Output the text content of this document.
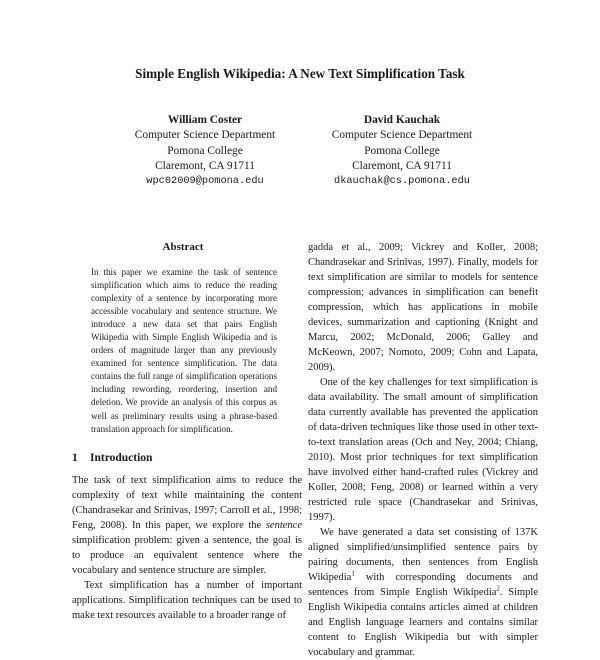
Simple English Wikipedia: A New Text Simplification Task
William Coster
Computer Science Department
Pomona College
Claremont, CA 91711
wpc02009@pomona.edu
David Kauchak
Computer Science Department
Pomona College
Claremont, CA 91711
dkauchak@cs.pomona.edu
Abstract
In this paper we examine the task of sentence simplification which aims to reduce the reading complexity of a sentence by incorporating more accessible vocabulary and sentence structure. We introduce a new data set that pairs English Wikipedia with Simple English Wikipedia and is orders of magnitude larger than any previously examined for sentence simplification. The data contains the full range of simplification operations including rewording, reordering, insertion and deletion. We provide an analysis of this corpus as well as preliminary results using a phrase-based translation approach for simplification.
1 Introduction

The task of text simplification aims to reduce the complexity of text while maintaining the content (Chandrasekar and Srinivas, 1997; Carroll et al., 1998; Feng, 2008). In this paper, we explore the sentence simplification problem: given a sentence, the goal is to produce an equivalent sentence where the vocabulary and sentence structure are simpler.

Text simplification has a number of important applications. Simplification techniques can be used to make text resources available to a broader range of

gadda et al., 2009; Vickrey and Koller, 2008; Chandrasekar and Srinivas, 1997). Finally, models for text simplification are similar to models for sentence compression; advances in simplification can benefit compression, which has applications in mobile devices, summarization and captioning (Knight and Marcu, 2002; McDonald, 2006; Galley and McKeown, 2007; Nomoto, 2009; Cohn and Lapata, 2009).

One of the key challenges for text simplification is data availability. The small amount of simplification data currently available has prevented the application of data-driven techniques like those used in other text-to-text translation areas (Och and Ney, 2004; Chiang, 2010). Most prior techniques for text simplification have involved either hand-crafted rules (Vickrey and Koller, 2008; Feng, 2008) or learned within a very restricted rule space (Chandrasekar and Srinivas, 1997).

We have generated a data set consisting of 137K aligned simplified/unsimplified sentence pairs by pairing documents, then sentences from English Wikipedia$^1$ with corresponding documents and sentences from Simple English Wikipedia$^2$. Simple English Wikipedia contains articles aimed at children and English language learners and contains similar content to English Wikipedia but with simpler vocabulary and grammar.
